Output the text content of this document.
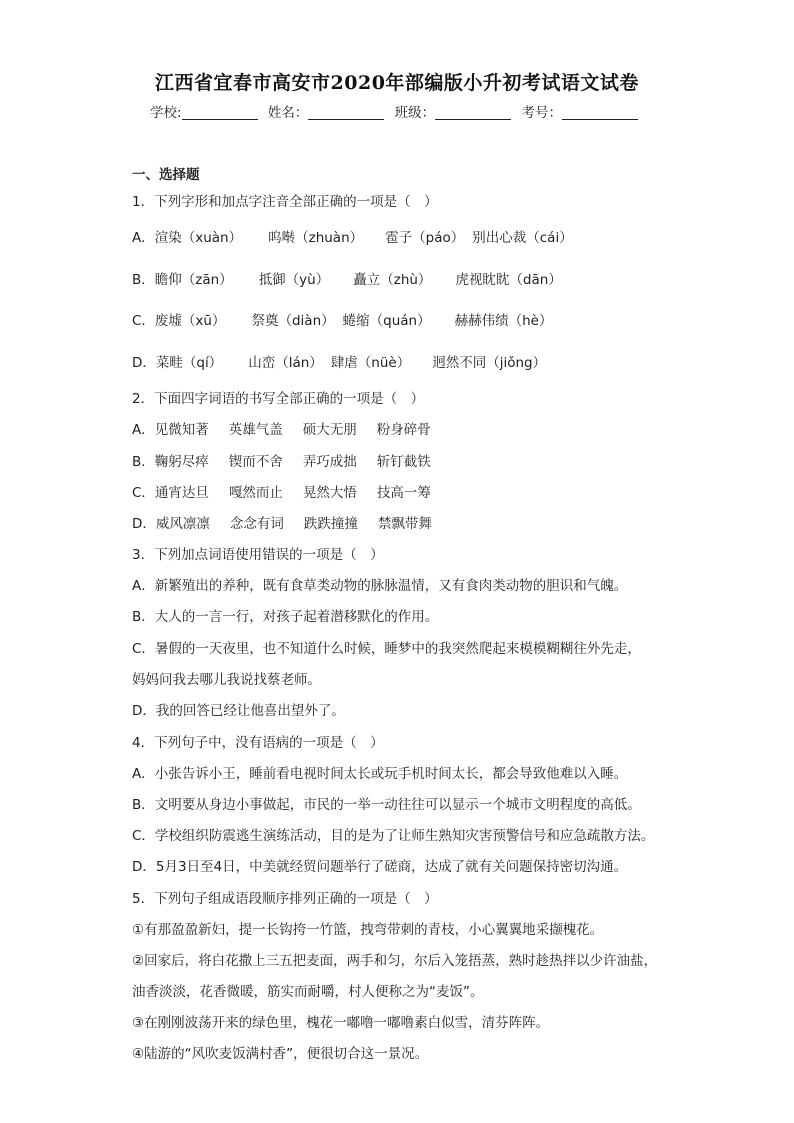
江西省宜春市高安市2020年部编版小升初考试语文试卷
学校:	姓名：	班级：	考号：
一、选择题
1．下列字形和加点字注音全部正确的一项是（　）
A．渲染（xuàn） 呜啭（zhuàn） 雹子（páo） 别出心裁（cái）
B．瞻仰（zān） 抵御（yù） 矗立（zhù） 虎视眈眈（dān）
C．废墟（xū） 祭奠（diàn） 蜷缩（quán） 赫赫伟绩（hè）
D．菜畦（qí） 山峦（lán） 肆虐（nüè） 迥然不同（jiǒng）
2．下面四字词语的书写全部正确的一项是（　）
A．见微知著 英雄气盖 硕大无朋 粉身碎骨
B．鞠躬尽瘁 锲而不舍 弄巧成拙 斩钉截铁
C．通宵达旦 嘎然而止 晃然大悟 技高一筹
D．威风凛凛 念念有词 跌跌撞撞 禁飘带舞
3．下列加点词语使用错误的一项是（　）
A．新繁殖出的养种，既有食草类动物的脉脉温情，又有食肉类动物的胆识和气魄。
B．大人的一言一行，对孩子起着潜移默化的作用。
C．暑假的一天夜里，也不知道什么时候，睡梦中的我突然爬起来模模糊糊往外先走，
妈妈问我去哪儿我说找蔡老师。
D．我的回答已经让他喜出望外了。
4．下列句子中，没有语病的一项是（　）
A．小张告诉小王，睡前看电视时间太长或玩手机时间太长，都会导致他难以入睡。
B．文明要从身边小事做起，市民的一举一动往往可以显示一个城市文明程度的高低。
C．学校组织防震逃生演练活动，目的是为了让师生熟知灾害预警信号和应急疏散方法。
D．5月3日至4日，中美就经贸问题举行了磋商，达成了就有关问题保持密切沟通。
5．下列句子组成语段顺序排列正确的一项是（　）
①有那盈盈新妇，提一长钩挎一竹篮，拽弯带刺的青枝，小心翼翼地采撷槐花。
②回家后，将白花撒上三五把麦面，两手和匀，尔后入笼捂蒸，熟时趁热拌以少许油盐，
油香淡淡，花香微暖，筋实而耐嚼，村人便称之为“麦饭”。
③在刚刚波荡开来的绿色里，槐花一嘟噜一嘟噜素白似雪，清芬阵阵。
④陆游的“风吹麦饭满村香”，便很切合这一景况。
